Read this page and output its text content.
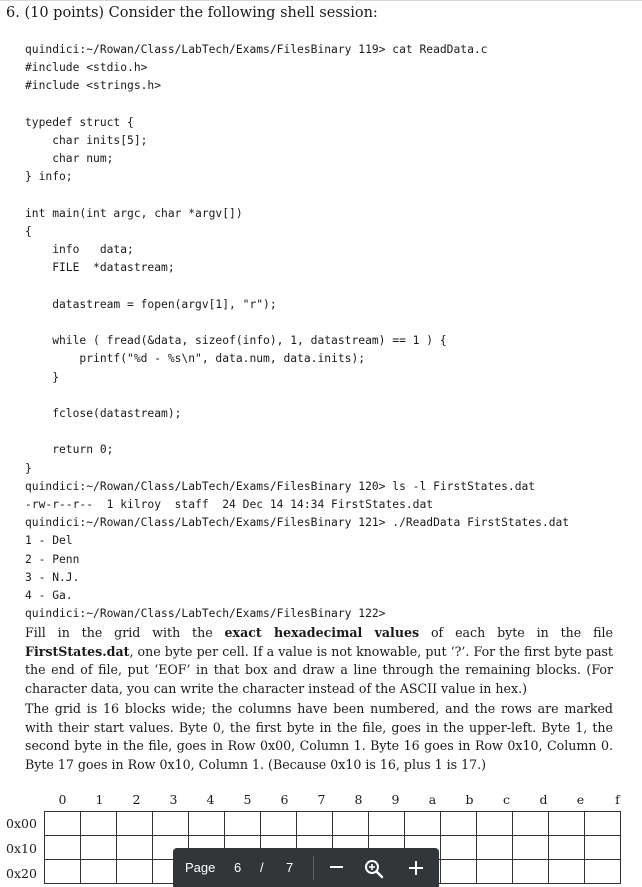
6. (10 points) Consider the following shell session:
quindici:~/Rowan/Class/LabTech/Exams/FilesBinary 119> cat ReadData.c
#include <stdio.h>
#include <strings.h>

typedef struct {
char inits[5];
char num;
} info;

int main(int argc, char *argv[])
{
info   data;
FILE  *datastream;

datastream = fopen(argv[1], "r");

while ( fread(&data, sizeof(info), 1, datastream) == 1 ) {
printf("%d - %s\n", data.num, data.inits);
}

fclose(datastream);

return 0;
}
quindici:~/Rowan/Class/LabTech/Exams/FilesBinary 120> ls -l FirstStates.dat
-rw-r--r--  1 kilroy  staff  24 Dec 14 14:34 FirstStates.dat
quindici:~/Rowan/Class/LabTech/Exams/FilesBinary 121> ./ReadData FirstStates.dat
1 - Del
2 - Penn
3 - N.J.
4 - Ga.
quindici:~/Rowan/Class/LabTech/Exams/FilesBinary 122>

Fill in the grid with the exact hexadecimal values of each byte in the file FirstStates.dat, one byte per cell. If a value is not knowable, put ‘?’. For the first byte past the end of file, put ‘EOF’ in that box and draw a line through the remaining blocks. (For character data, you can write the character instead of the ASCII value in hex.)

The grid is 16 blocks wide; the columns have been numbered, and the rows are marked with their start values. Byte 0, the first byte in the file, goes in the upper-left. Byte 1, the second byte in the file, goes in Row 0x00, Column 1. Byte 16 goes in Row 0x10, Column 0. Byte 17 goes in Row 0x10, Column 1. (Because 0x10 is 16, plus 1 is 17.)

0	1	2	3	4	5	6	7	8	9	a	b	c	d	e	f
0x00
0x10
0x20

																Page 6 / 7
